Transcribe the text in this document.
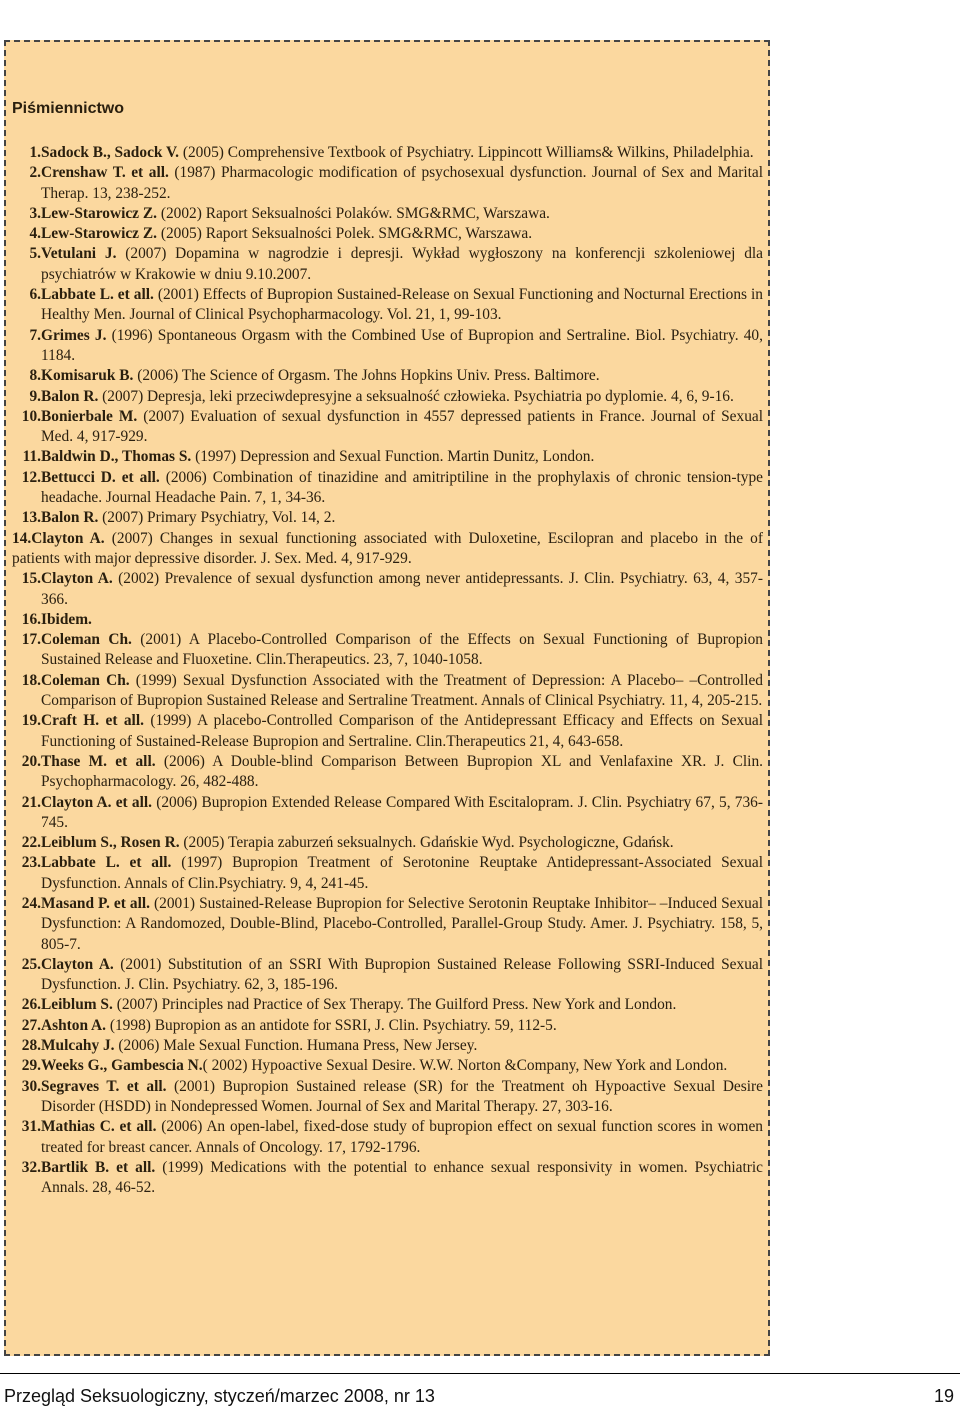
Piśmiennictwo
1.Sadock B., Sadock V. (2005) Comprehensive Textbook of Psychiatry. Lippincott Williams& Wilkins, Philadelphia.
2.Crenshaw T. et all. (1987) Pharmacologic modification of psychosexual dysfunction. Journal of Sex and Marital Therap. 13, 238-252.
3.Lew-Starowicz Z. (2002) Raport Seksualności Polaków. SMG&RMC, Warszawa.
4.Lew-Starowicz Z. (2005) Raport Seksualności Polek. SMG&RMC, Warszawa.
5.Vetulani J. (2007) Dopamina w nagrodzie i depresji. Wykład wygłoszony na konferencji szkoleniowej dla psychiatrów w Krakowie w dniu 9.10.2007.
6.Labbate L. et all. (2001) Effects of Bupropion Sustained-Release on Sexual Functioning and Nocturnal Erections in Healthy Men. Journal of Clinical Psychopharmacology. Vol. 21, 1, 99-103.
7.Grimes J. (1996) Spontaneous Orgasm with the Combined Use of Bupropion and Sertraline. Biol. Psychiatry. 40, 1184.
8.Komisaruk B. (2006) The Science of Orgasm. The Johns Hopkins Univ. Press. Baltimore.
9.Balon R. (2007) Depresja, leki przeciwdepresyjne a seksualność człowieka. Psychiatria po dyplomie. 4, 6, 9-16.
10.Bonierbale M. (2007) Evaluation of sexual dysfunction in 4557 depressed patients in France. Journal of Sexual Med. 4, 917-929.
11.Baldwin D., Thomas S. (1997) Depression and Sexual Function. Martin Dunitz, London.
12.Bettucci D. et all. (2006) Combination of tinazidine and amitriptiline in the prophylaxis of chronic tension-type headache. Journal Headache Pain. 7, 1, 34-36.
13.Balon R. (2007) Primary Psychiatry, Vol. 14, 2.
14.Clayton A. (2007) Changes in sexual functioning associated with Duloxetine, Escilopran and placebo in the of patients with major depressive disorder. J. Sex. Med. 4, 917-929.
15.Clayton A. (2002) Prevalence of sexual dysfunction among never antidepressants. J. Clin. Psychiatry. 63, 4, 357-366.
16.Ibidem.
17.Coleman Ch. (2001) A Placebo-Controlled Comparison of the Effects on Sexual Functioning of Bupropion Sustained Release and Fluoxetine. Clin.Therapeutics. 23, 7, 1040-1058.
18.Coleman Ch. (1999) Sexual Dysfunction Associated with the Treatment of Depression: A Placebo– –Controlled Comparison of Bupropion Sustained Release and Sertraline Treatment. Annals of Clinical Psychiatry. 11, 4, 205-215.
19.Craft H. et all. (1999) A placebo-Controlled Comparison of the Antidepressant Efficacy and Effects on Sexual Functioning of Sustained-Release Bupropion and Sertraline. Clin.Therapeutics 21, 4, 643-658.
20.Thase M. et all. (2006) A Double-blind Comparison Between Bupropion XL and Venlafaxine XR. J. Clin. Psychopharmacology. 26, 482-488.
21.Clayton A. et all. (2006) Bupropion Extended Release Compared With Escitalopram. J. Clin. Psychiatry 67, 5, 736-745.
22.Leiblum S., Rosen R. (2005) Terapia zaburzeń seksualnych. Gdańskie Wyd. Psychologiczne, Gdańsk.
23.Labbate L. et all. (1997) Bupropion Treatment of Serotonine Reuptake Antidepressant-Associated Sexual Dysfunction. Annals of Clin.Psychiatry. 9, 4, 241-45.
24.Masand P. et all. (2001) Sustained-Release Bupropion for Selective Serotonin Reuptake Inhibitor– –Induced Sexual Dysfunction: A Randomozed, Double-Blind, Placebo-Controlled, Parallel-Group Study. Amer. J. Psychiatry. 158, 5, 805-7.
25.Clayton A. (2001) Substitution of an SSRI With Bupropion Sustained Release Following SSRI-Induced Sexual Dysfunction. J. Clin. Psychiatry. 62, 3, 185-196.
26.Leiblum S. (2007) Principles nad Practice of Sex Therapy. The Guilford Press. New York and London.
27.Ashton A. (1998) Bupropion as an antidote for SSRI, J. Clin. Psychiatry. 59, 112-5.
28.Mulcahy J. (2006) Male Sexual Function. Humana Press, New Jersey.
29.Weeks G., Gambescia N.( 2002) Hypoactive Sexual Desire. W.W. Norton &Company, New York and London.
30.Segraves T. et all. (2001) Bupropion Sustained release (SR) for the Treatment oh Hypoactive Sexual Desire Disorder (HSDD) in Nondepressed Women. Journal of Sex and Marital Therapy. 27, 303-16.
31.Mathias C. et all. (2006) An open-label, fixed-dose study of bupropion effect on sexual function scores in women treated for breast cancer. Annals of Oncology. 17, 1792-1796.
32.Bartlik B. et all. (1999) Medications with the potential to enhance sexual responsivity in women. Psychiatric Annals. 28, 46-52.
Przegląd Seksuologiczny, styczeń/marzec 2008, nr 13	19
